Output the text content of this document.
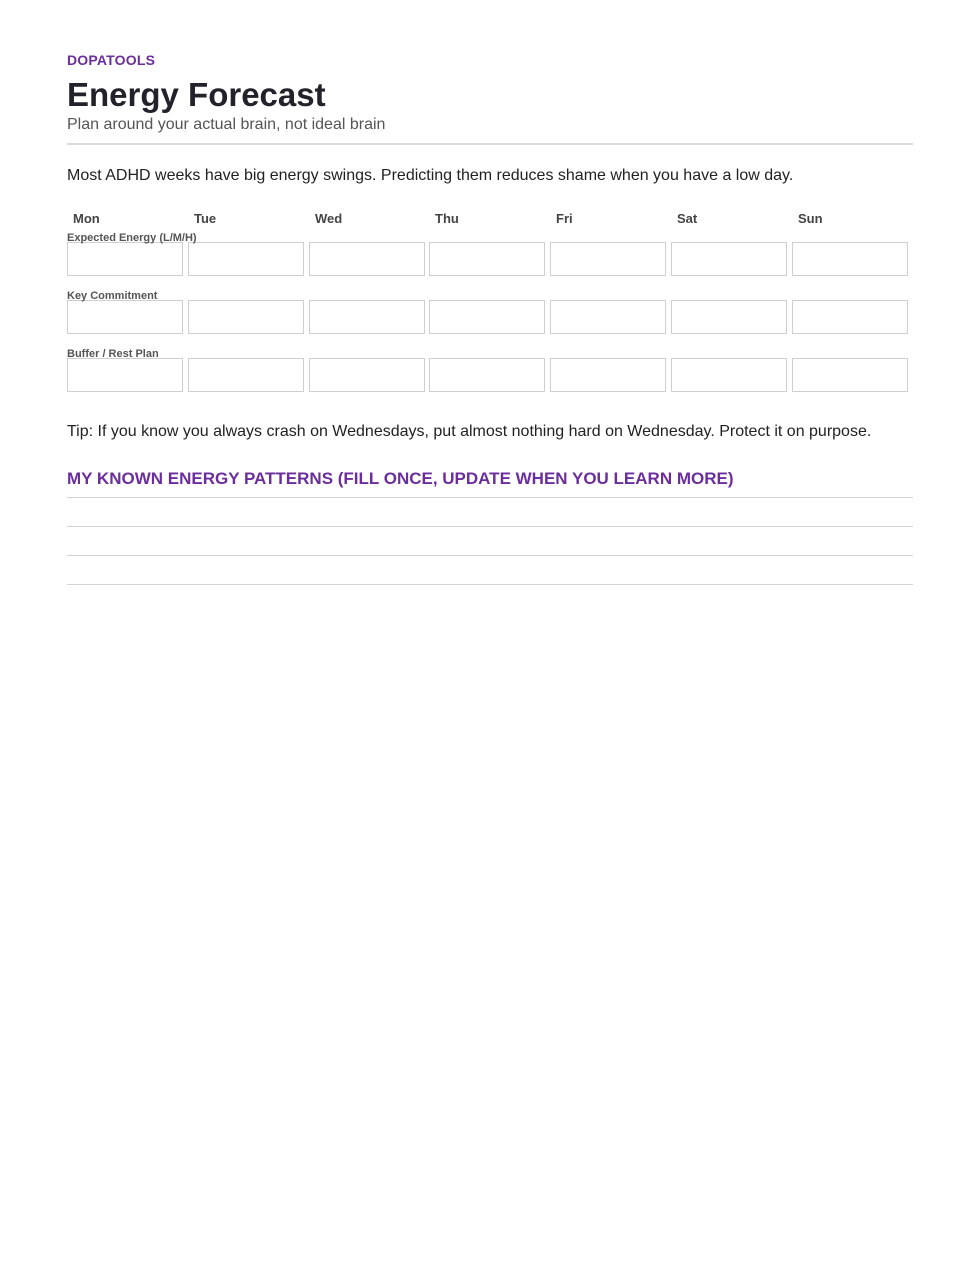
DOPATOOLS
Energy Forecast
Plan around your actual brain, not ideal brain
Most ADHD weeks have big energy swings. Predicting them reduces shame when you have a low day.
Mon	Tue	Wed	Thu	Fri	Sat	Sun
Expected Energy (L/M/H)
Key Commitment
Buffer / Rest Plan
Tip: If you know you always crash on Wednesdays, put almost nothing hard on Wednesday. Protect it on purpose.
MY KNOWN ENERGY PATTERNS (FILL ONCE, UPDATE WHEN YOU LEARN MORE)
